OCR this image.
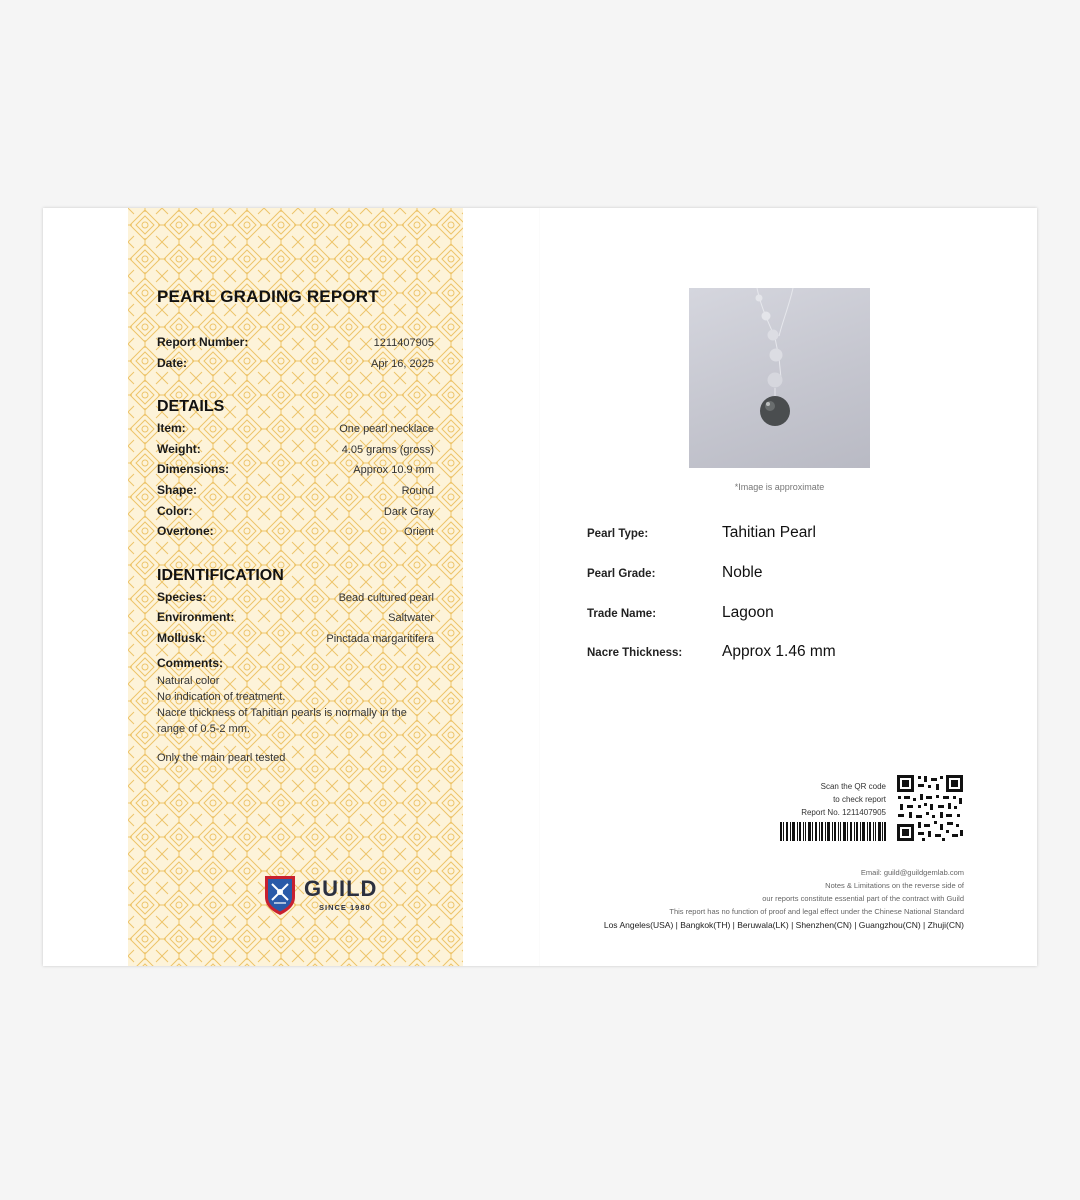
PEARL GRADING REPORT
Report Number:	1211407905
Date:	Apr 16, 2025
DETAILS
Item:	One pearl necklace
Weight:	4.05 grams (gross)
Dimensions:	Approx 10.9 mm
Shape:	Round
Color:	Dark Gray
Overtone:	Orient
IDENTIFICATION
Species:	Bead cultured pearl
Environment:	Saltwater
Mollusk:	Pinctada margaritifera
Comments:
Natural color
No indication of treatment.
Nacre thickness of Tahitian pearls is normally in the
range of 0.5-2 mm.
Only the main pearl tested
GUILD
SINCE 1980
*Image is approximate
Pearl Type:	Tahitian Pearl
Pearl Grade:	Noble
Trade Name:	Lagoon
Nacre Thickness:	Approx 1.46 mm
Scan the QR code
to check report
Report No. 1211407905
Email: guild@guildgemlab.com
Notes & Limitations on the reverse side of
our reports constitute essential part of the contract with Guild
This report has no function of proof and legal effect under the Chinese National Standard
Los Angeles(USA) | Bangkok(TH) | Beruwala(LK) | Shenzhen(CN) | Guangzhou(CN) | Zhuji(CN)
